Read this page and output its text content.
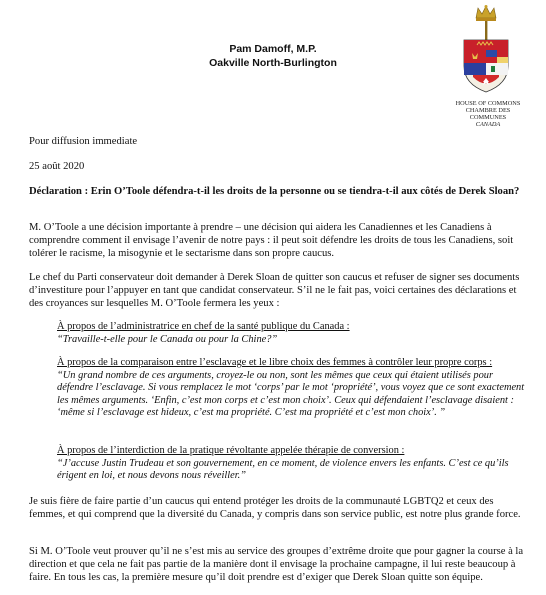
Pam Damoff, M.P.
Oakville North-Burlington
HOUSE OF COMMONS
CHAMBRE DES COMMUNES
CANADA
Pour diffusion immediate
25 août 2020
Déclaration : Erin O’Toole défendra-t-il les droits de la personne ou se tiendra-t-il aux côtés de Derek Sloan?
M. O’Toole a une décision importante à prendre – une décision qui aidera les Canadiennes et les Canadiens à comprendre comment il envisage l’avenir de notre pays : il peut soit défendre les droits de tous les Canadiens, soit tolérer le racisme, la misogynie et le sectarisme dans son propre caucus.
Le chef du Parti conservateur doit demander à Derek Sloan de quitter son caucus et refuser de signer ses documents d’investiture pour l’appuyer en tant que candidat conservateur. S’il ne le fait pas, voici certaines des déclarations et des croyances sur lesquelles M. O’Toole fermera les yeux :
À propos de l’administratrice en chef de la santé publique du Canada :
“Travaille-t-elle pour le Canada ou pour la Chine?”
À propos de la comparaison entre l’esclavage et le libre choix des femmes à contrôler leur propre corps :
“Un grand nombre de ces arguments, croyez-le ou non, sont les mêmes que ceux qui étaient utilisés pour défendre l’esclavage. Si vous remplacez le mot ‘corps’ par le mot ‘propriété’, vous voyez que ce sont exactement les mêmes arguments. ‘Enfin, c’est mon corps et c’est mon choix’. Ceux qui défendaient l’esclavage disaient : ‘même si l’esclavage est hideux, c’est ma propriété. C’est ma propriété et c’est mon choix’. ”
À propos de l’interdiction de la pratique révoltante appelée thérapie de conversion :
“J’accuse Justin Trudeau et son gouvernement, en ce moment, de violence envers les enfants. C’est ce qu’ils érigent en loi, et nous devons nous réveiller.”
Je suis fière de faire partie d’un caucus qui entend protéger les droits de la communauté LGBTQ2 et ceux des femmes, et qui comprend que la diversité du Canada, y compris dans son service public, est notre plus grande force.
Si M. O’Toole veut prouver qu’il ne s’est mis au service des groupes d’extrême droite que pour gagner la course à la direction et que cela ne fait pas partie de la manière dont il envisage la prochaine campagne, il lui reste beaucoup à faire. En tous les cas, la première mesure qu’il doit prendre est d’exiger que Derek Sloan quitte son équipe.
